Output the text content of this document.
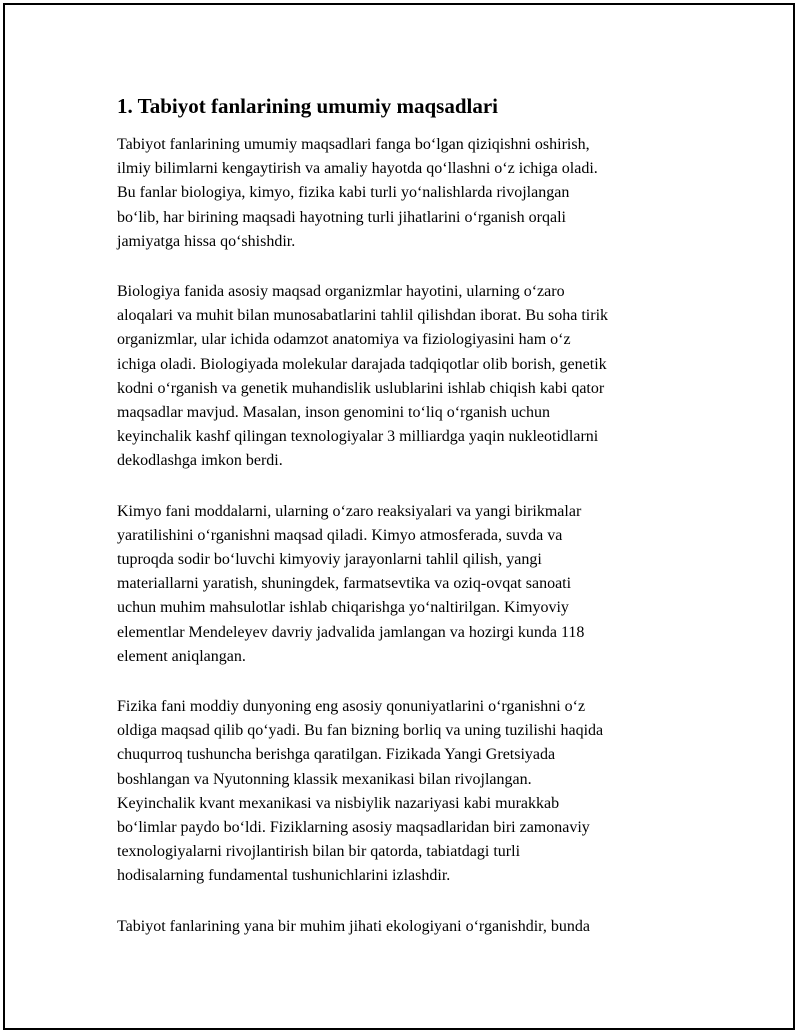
1. Tabiyot fanlarining umumiy maqsadlari
Tabiyot fanlarining umumiy maqsadlari fanga bo‘lgan qiziqishni oshirish,
ilmiy bilimlarni kengaytirish va amaliy hayotda qo‘llashni o‘z ichiga oladi.
Bu fanlar biologiya, kimyo, fizika kabi turli yo‘nalishlarda rivojlangan
bo‘lib, har birining maqsadi hayotning turli jihatlarini o‘rganish orqali
jamiyatga hissa qo‘shishdir.
Biologiya fanida asosiy maqsad organizmlar hayotini, ularning o‘zaro
aloqalari va muhit bilan munosabatlarini tahlil qilishdan iborat. Bu soha tirik
organizmlar, ular ichida odamzot anatomiya va fiziologiyasini ham o‘z
ichiga oladi. Biologiyada molekular darajada tadqiqotlar olib borish, genetik
kodni o‘rganish va genetik muhandislik uslublarini ishlab chiqish kabi qator
maqsadlar mavjud. Masalan, inson genomini to‘liq o‘rganish uchun
keyinchalik kashf qilingan texnologiyalar 3 milliardga yaqin nukleotidlarni
dekodlashga imkon berdi.
Kimyo fani moddalarni, ularning o‘zaro reaksiyalari va yangi birikmalar
yaratilishini o‘rganishni maqsad qiladi. Kimyo atmosferada, suvda va
tuproqda sodir bo‘luvchi kimyoviy jarayonlarni tahlil qilish, yangi
materiallarni yaratish, shuningdek, farmatsevtika va oziq-ovqat sanoati
uchun muhim mahsulotlar ishlab chiqarishga yo‘naltirilgan. Kimyoviy
elementlar Mendeleyev davriy jadvalida jamlangan va hozirgi kunda 118
element aniqlangan.
Fizika fani moddiy dunyoning eng asosiy qonuniyatlarini o‘rganishni o‘z
oldiga maqsad qilib qo‘yadi. Bu fan bizning borliq va uning tuzilishi haqida
chuqurroq tushuncha berishga qaratilgan. Fizikada Yangi Gretsiyada
boshlangan va Nyutonning klassik mexanikasi bilan rivojlangan.
Keyinchalik kvant mexanikasi va nisbiylik nazariyasi kabi murakkab
bo‘limlar paydo bo‘ldi. Fiziklarning asosiy maqsadlaridan biri zamonaviy
texnologiyalarni rivojlantirish bilan bir qatorda, tabiatdagi turli
hodisalarning fundamental tushunichlarini izlashdir.
Tabiyot fanlarining yana bir muhim jihati ekologiyani o‘rganishdir, bunda
